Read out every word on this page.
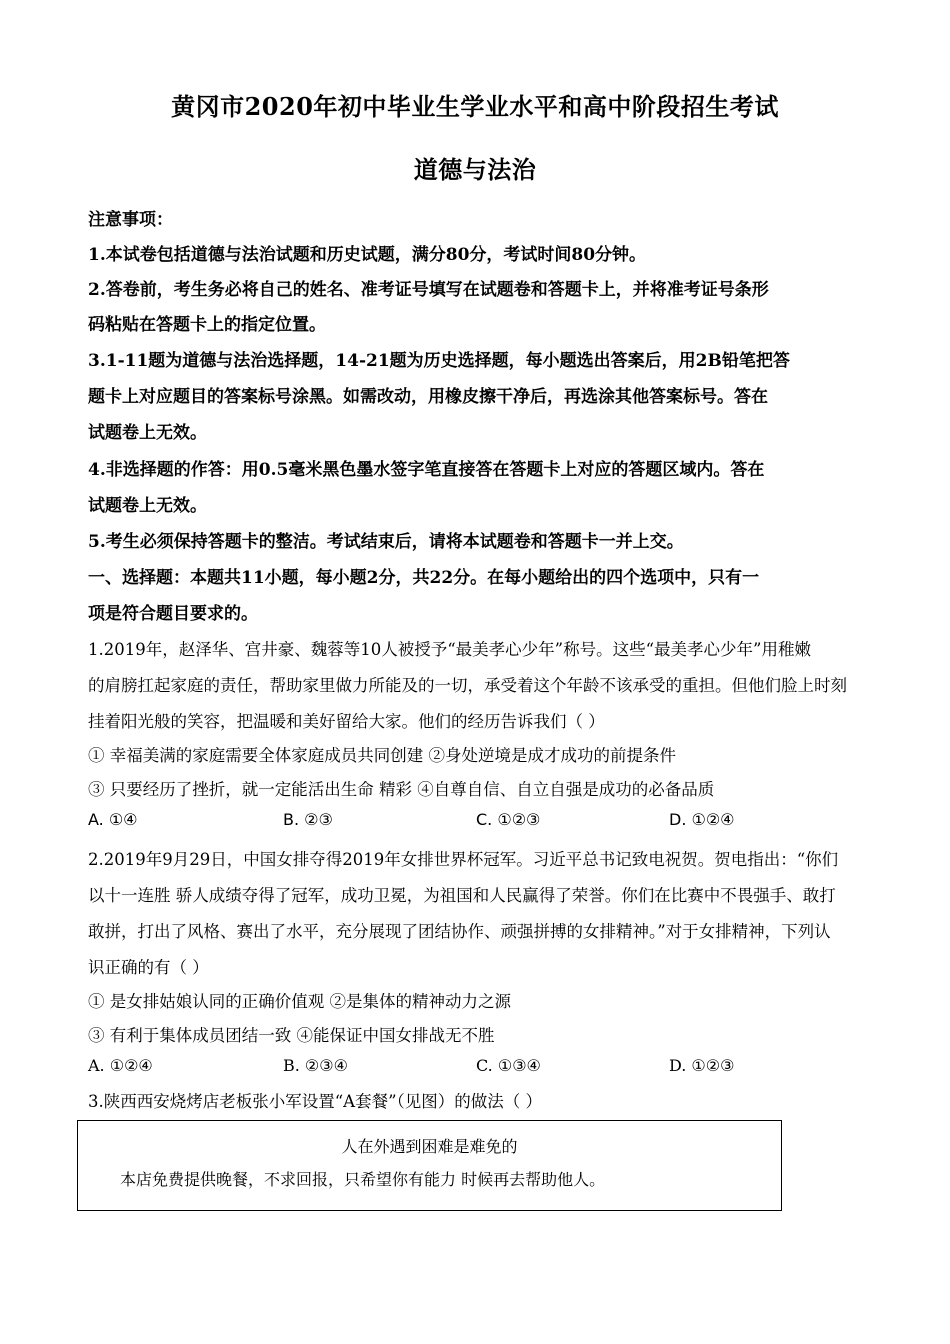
黄冈市2020年初中毕业生学业水平和高中阶段招生考试
道德与法治
注意事项：
1.本试卷包括道德与法治试题和历史试题，满分80分，考试时间80分钟。
2.答卷前，考生务必将自己的姓名、准考证号填写在试题卷和答题卡上，并将准考证号条形
码粘贴在答题卡上的指定位置。
3.1-11题为道德与法治选择题，14-21题为历史选择题，每小题选出答案后，用2B铅笔把答
题卡上对应题目的答案标号涂黑。如需改动，用橡皮擦干净后，再选涂其他答案标号。答在
试题卷上无效。
4.非选择题的作答：用0.5毫米黑色墨水签字笔直接答在答题卡上对应的答题区域内。答在
试题卷上无效。
5.考生必须保持答题卡的整洁。考试结束后，请将本试题卷和答题卡一并上交。
一、选择题：本题共11小题，每小题2分，共22分。在每小题给出的四个选项中，只有一
项是符合题目要求的。
1.2019年，赵泽华、宫井豪、魏蓉等10人被授予“最美孝心少年”称号。这些“最美孝心少年”用稚嫩
的肩膀扛起家庭的责任，帮助家里做力所能及的一切，承受着这个年龄不该承受的重担。但他们脸上时刻
挂着阳光般的笑容，把温暖和美好留给大家。他们的经历告诉我们（ ）
① 幸福美满的家庭需要全体家庭成员共同创建 ②身处逆境是成才成功的前提条件
③ 只要经历了挫折，就一定能活出生命 精彩 ④自尊自信、自立自强是成功的必备品质
A. ①④	B. ②③	C. ①②③	D. ①②④
2.2019年9月29日，中国女排夺得2019年女排世界杯冠军。习近平总书记致电祝贺。贺电指出：“你们
以十一连胜 骄人成绩夺得了冠军，成功卫冕，为祖国和人民赢得了荣誉。你们在比赛中不畏强手、敢打
敢拼，打出了风格、赛出了水平，充分展现了团结协作、顽强拼搏的女排精神。”对于女排精神，下列认
识正确的有（ ）
① 是女排姑娘认同的正确价值观 ②是集体的精神动力之源
③ 有利于集体成员团结一致 ④能保证中国女排战无不胜
A. ①②④	B. ②③④	C. ①③④	D. ①②③
3.陕西西安烧烤店老板张小军设置“A套餐”（见图）的做法（ ）
人在外遇到困难是难免的
本店免费提供晚餐，不求回报，只希望你有能力 时候再去帮助他人。
